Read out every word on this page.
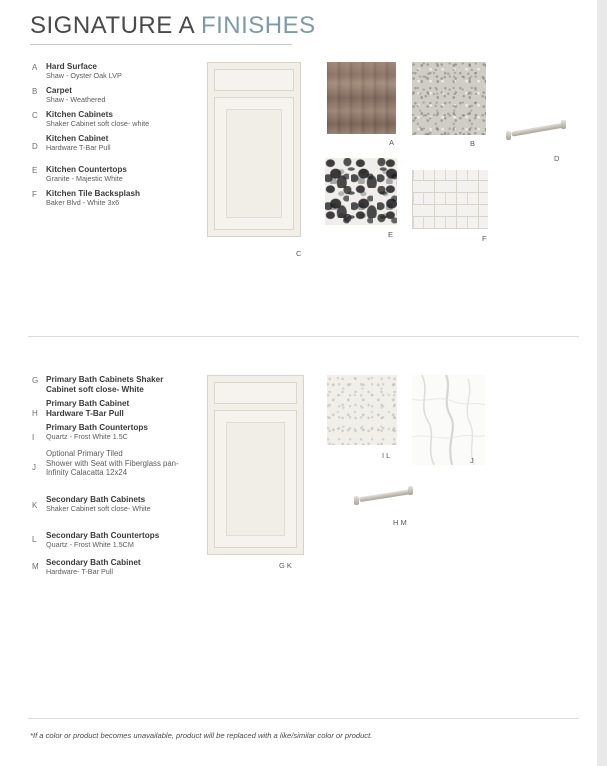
SIGNATURE A FINISHES
A	Hard Surface
Shaw - Oyster Oak LVP
B	Carpet
Shaw - Weathered
C	Kitchen Cabinets
Shaker Cabinet soft close- white
D
Kitchen Cabinet
Hardware T-Bar Pull
E	Kitchen Countertops
Granite - Majestic White
F	Kitchen Tile Backsplash
Baker Blvd - White 3x6
C
A	B
D
E	F
G Primary Bath Cabinets Shaker
Cabinet soft close- White
H
Primary Bath Cabinet
Hardware T-Bar Pull
I
Primary Bath Countertops
Quartz - Frost White 1.5C
J
Optional Primary Tiled
Shower with Seat with Fiberglass pan- Infinity Calacatta 12x24
K
Secondary Bath Cabinets
Shaker Cabinet soft close- White
L	Secondary Bath Countertops
Quartz - Frost White 1.5CM
M Secondary Bath Cabinet
Hardware- T-Bar Pull
G K
I L
J
H M
*If a color or product becomes unavailable, product will be replaced with a like/similar color or product.
